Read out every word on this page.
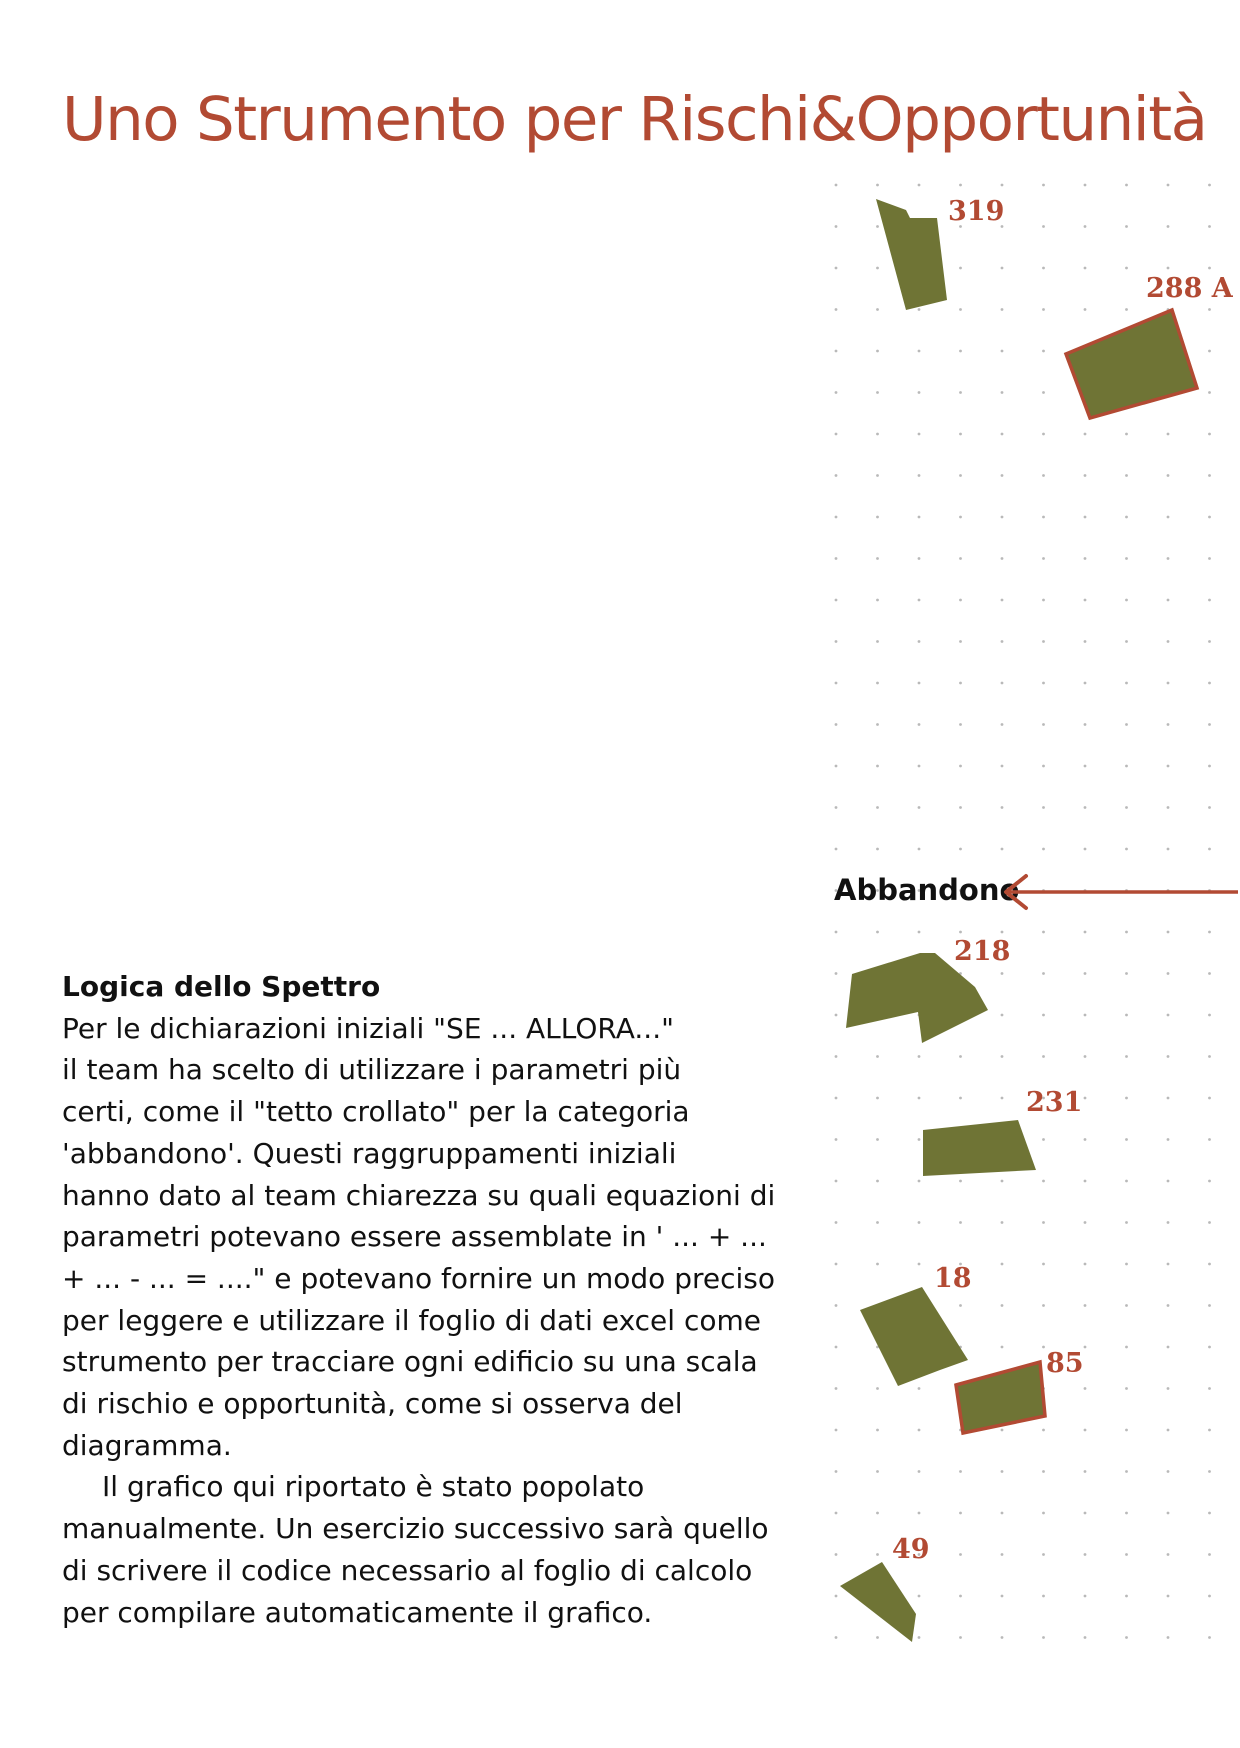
Uno Strumento per Rischi&Opportunità
Abbandono
319
288 A
218
231
18
85
49
Logica dello Spettro

Per le dichiarazioni iniziali "SE ... ALLORA..."
il team ha scelto di utilizzare i parametri più
certi, come il "tetto crollato" per la categoria
'abbandono'. Questi raggruppamenti iniziali
hanno dato al team chiarezza su quali equazioni di
parametri potevano essere assemblate in ' ... + ...
+ ... - ... = ...." e potevano fornire un modo preciso
per leggere e utilizzare il foglio di dati excel come
strumento per tracciare ogni edificio su una scala
di rischio e opportunità, come si osserva del
diagramma.

Il grafico qui riportato è stato popolato
manualmente. Un esercizio successivo sarà quello
di scrivere il codice necessario al foglio di calcolo
per compilare automaticamente il grafico.
